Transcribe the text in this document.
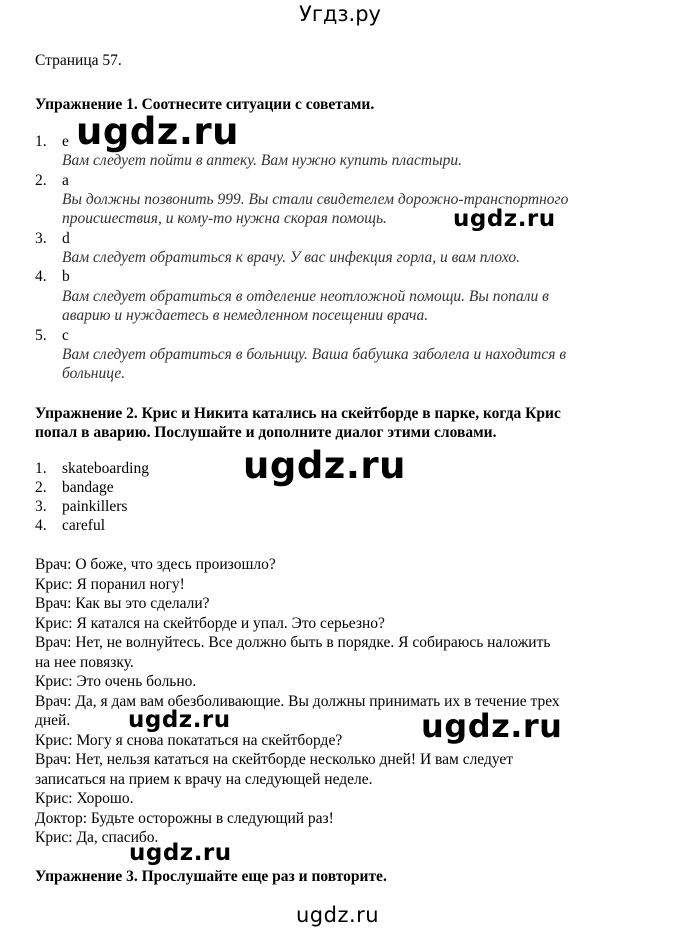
Угдз.ру
Страница 57.
Упражнение 1. Соотнесите ситуации с советами.
1. e
Вам следует пойти в аптеку. Вам нужно купить пластыри.
2. a
Вы должны позвонить 999. Вы стали свидетелем дорожно-транспортного
происшествия, и кому-то нужна скорая помощь.
3. d
Вам следует обратиться к врачу. У вас инфекция горла, и вам плохо.
4. b
Вам следует обратиться в отделение неотложной помощи. Вы попали в
аварию и нуждаетесь в немедленном посещении врача.
5. c
Вам следует обратиться в больницу. Ваша бабушка заболела и находится в
больнице.
Упражнение 2. Крис и Никита катались на скейтборде в парке, когда Крис
попал в аварию. Послушайте и дополните диалог этими словами.
1. skateboarding
2. bandage
3. painkillers
4. careful
Врач: О боже, что здесь произошло?
Крис: Я поранил ногу!
Врач: Как вы это сделали?
Крис: Я катался на скейтборде и упал. Это серьезно?
Врач: Нет, не волнуйтесь. Все должно быть в порядке. Я собираюсь наложить
на нее повязку.
Крис: Это очень больно.
Врач: Да, я дам вам обезболивающие. Вы должны принимать их в течение трех
дней.
Крис: Могу я снова покататься на скейтборде?
Врач: Нет, нельзя кататься на скейтборде несколько дней! И вам следует
записаться на прием к врачу на следующей неделе.
Крис: Хорошо.
Доктор: Будьте осторожны в следующий раз!
Крис: Да, спасибо.
Упражнение 3. Прослушайте еще раз и повторите.
ugdz.ru
ugdz.ru
ugdz.ru
ugdz.ru	ugdz.ru
ugdz.ru
ugdz.ru
